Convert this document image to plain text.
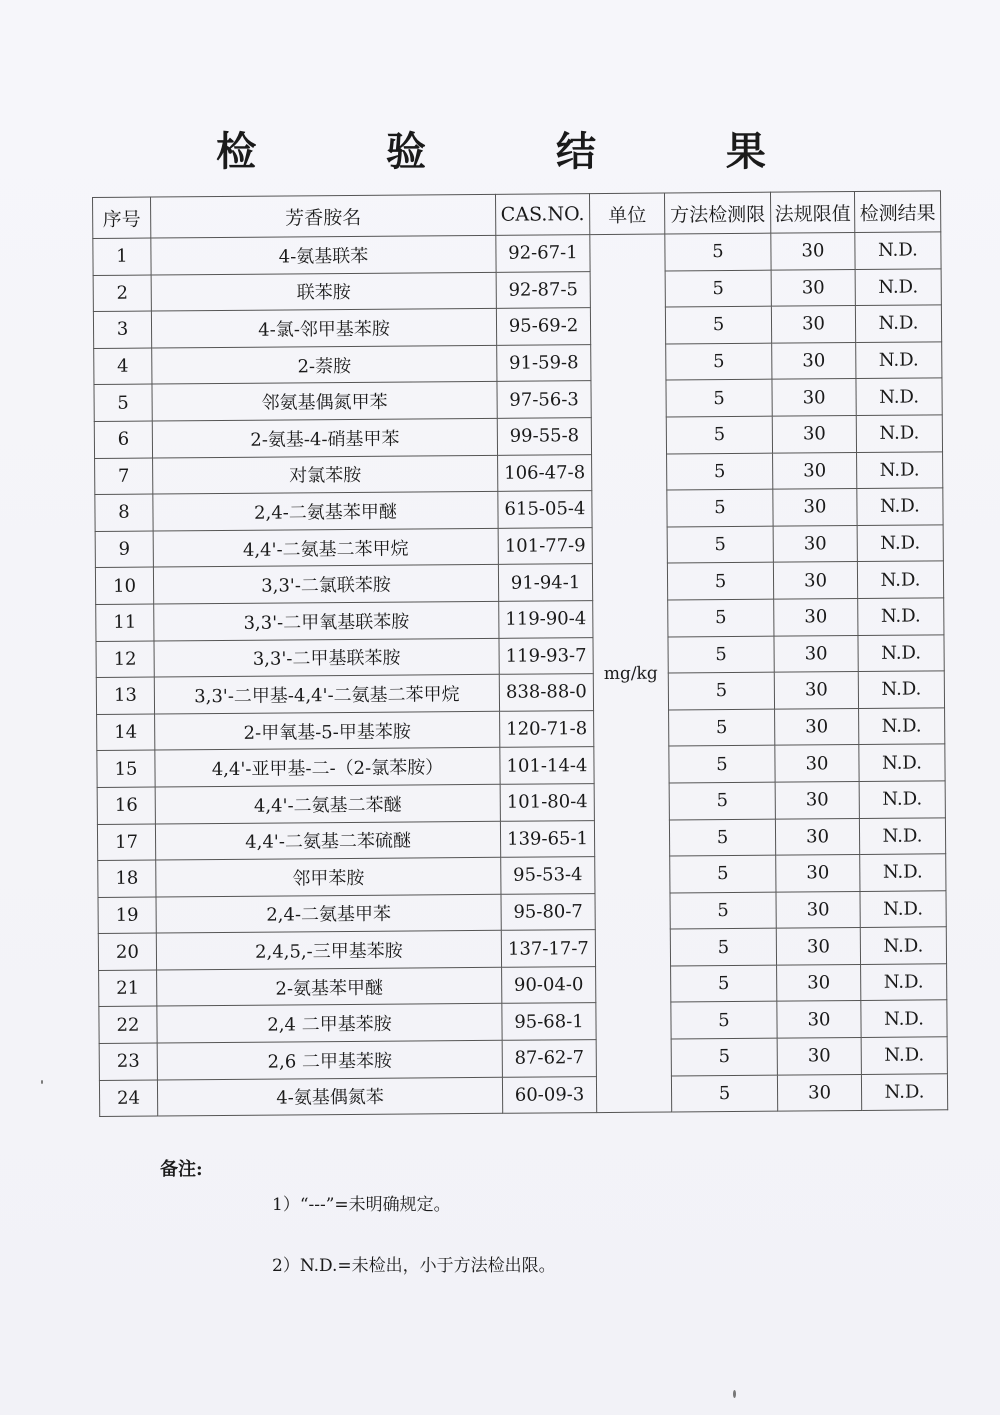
检 验 结 果
序号	芳香胺名	CAS.NO.	单位	方法检测限	法规限值	检测结果
1	4-氨基联苯	92-67-1	mg/kg	5	30	N.D.
2	联苯胺	92-87-5		5	30	N.D.
3	4-氯-邻甲基苯胺	95-69-2		5	30	N.D.
4	2-萘胺	91-59-8		5	30	N.D.
5	邻氨基偶氮甲苯	97-56-3		5	30	N.D.
6	2-氨基-4-硝基甲苯	99-55-8		5	30	N.D.
7	对氯苯胺	106-47-8		5	30	N.D.
8	2,4-二氨基苯甲醚	615-05-4		5	30	N.D.
9	4,4'-二氨基二苯甲烷	101-77-9		5	30	N.D.
10	3,3'-二氯联苯胺	91-94-1		5	30	N.D.
11	3,3'-二甲氧基联苯胺	119-90-4		5	30	N.D.
12	3,3'-二甲基联苯胺	119-93-7		5	30	N.D.
13	3,3'-二甲基-4,4'-二氨基二苯甲烷	838-88-0		5	30	N.D.
14	2-甲氧基-5-甲基苯胺	120-71-8		5	30	N.D.
15	4,4'-亚甲基-二-（2-氯苯胺）	101-14-4		5	30	N.D.
16	4,4'-二氨基二苯醚	101-80-4		5	30	N.D.
17	4,4'-二氨基二苯硫醚	139-65-1		5	30	N.D.
18	邻甲苯胺	95-53-4		5	30	N.D.
19	2,4-二氨基甲苯	95-80-7		5	30	N.D.
20	2,4,5,-三甲基苯胺	137-17-7		5	30	N.D.
21	2-氨基苯甲醚	90-04-0		5	30	N.D.
22	2,4 二甲基苯胺	95-68-1		5	30	N.D.
23	2,6 二甲基苯胺	87-62-7		5	30	N.D.
24	4-氨基偶氮苯	60-09-3		5	30	N.D.
备注:
1）“---”=未明确规定。
2）N.D.=未检出，小于方法检出限。
